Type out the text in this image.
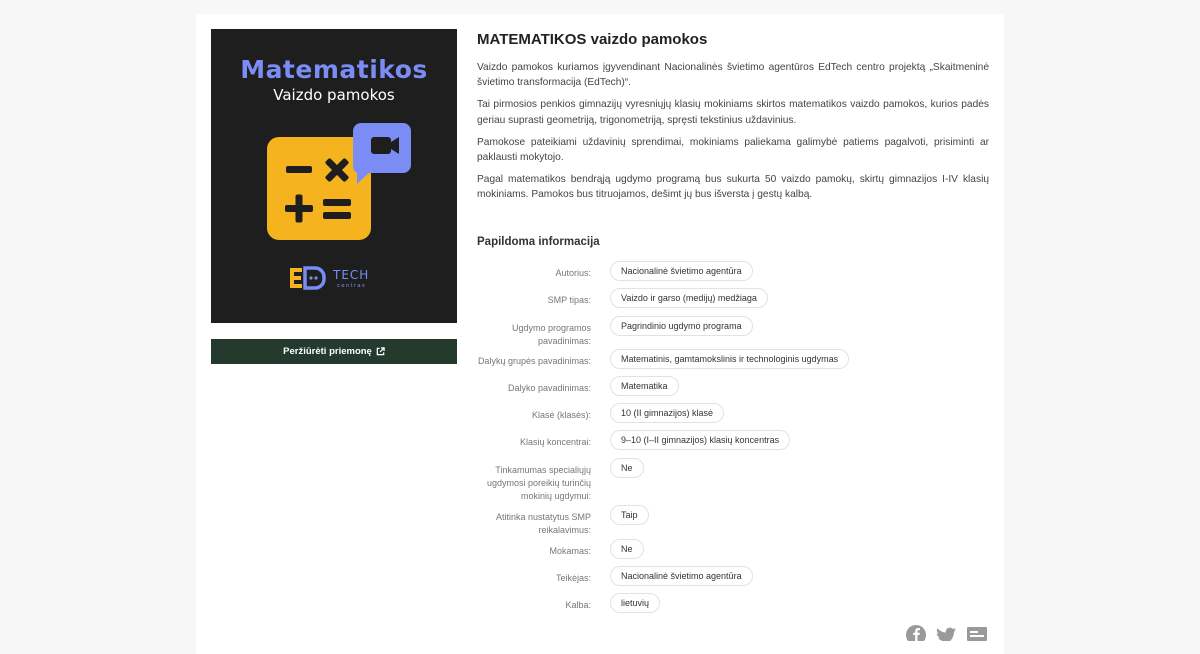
Matematikos
Vaizdo pamokos
TECH
centras
Peržiūrėti priemonę
MATEMATIKOS vaizdo pamokos

Vaizdo pamokos kuriamos įgyvendinant Nacionalinės švietimo agentūros EdTech centro projektą „Skaitmeninė švietimo transformacija (EdTech)“.

Tai pirmosios penkios gimnazijų vyresniųjų klasių mokiniams skirtos matematikos vaizdo pamokos, kurios padės geriau suprasti geometriją, trigonometriją, spręsti tekstinius uždavinius.

Pamokose pateikiami uždavinių sprendimai, mokiniams paliekama galimybė patiems pagalvoti, prisiminti ar paklausti mokytojo.

Pagal matematikos bendrąją ugdymo programą bus sukurta 50 vaizdo pamokų, skirtų gimnazijos I-IV klasių mokiniams. Pamokos bus titruojamos, dešimt jų bus išversta į gestų kalbą.

Papildoma informacija
Autorius:	Nacionalinė švietimo agentūra
SMP tipas:	Vaizdo ir garso (medijų) medžiaga
Ugdymo programos pavadinimas:
Pagrindinio ugdymo programa
Dalykų grupės pavadinimas:	Matematinis, gamtamokslinis ir technologinis ugdymas
Dalyko pavadinimas:	Matematika
Klasė (klasės):	10 (II gimnazijos) klasė
Klasių koncentrai:	9–10 (I–II gimnazijos) klasių koncentras
Tinkamumas specialiųjų ugdymosi poreikių turinčių mokinių ugdymui:
Ne
Atitinka nustatytus SMP reikalavimus:
Taip
Mokamas:	Ne
Teikėjas:	Nacionalinė švietimo agentūra
Kalba:	lietuvių
